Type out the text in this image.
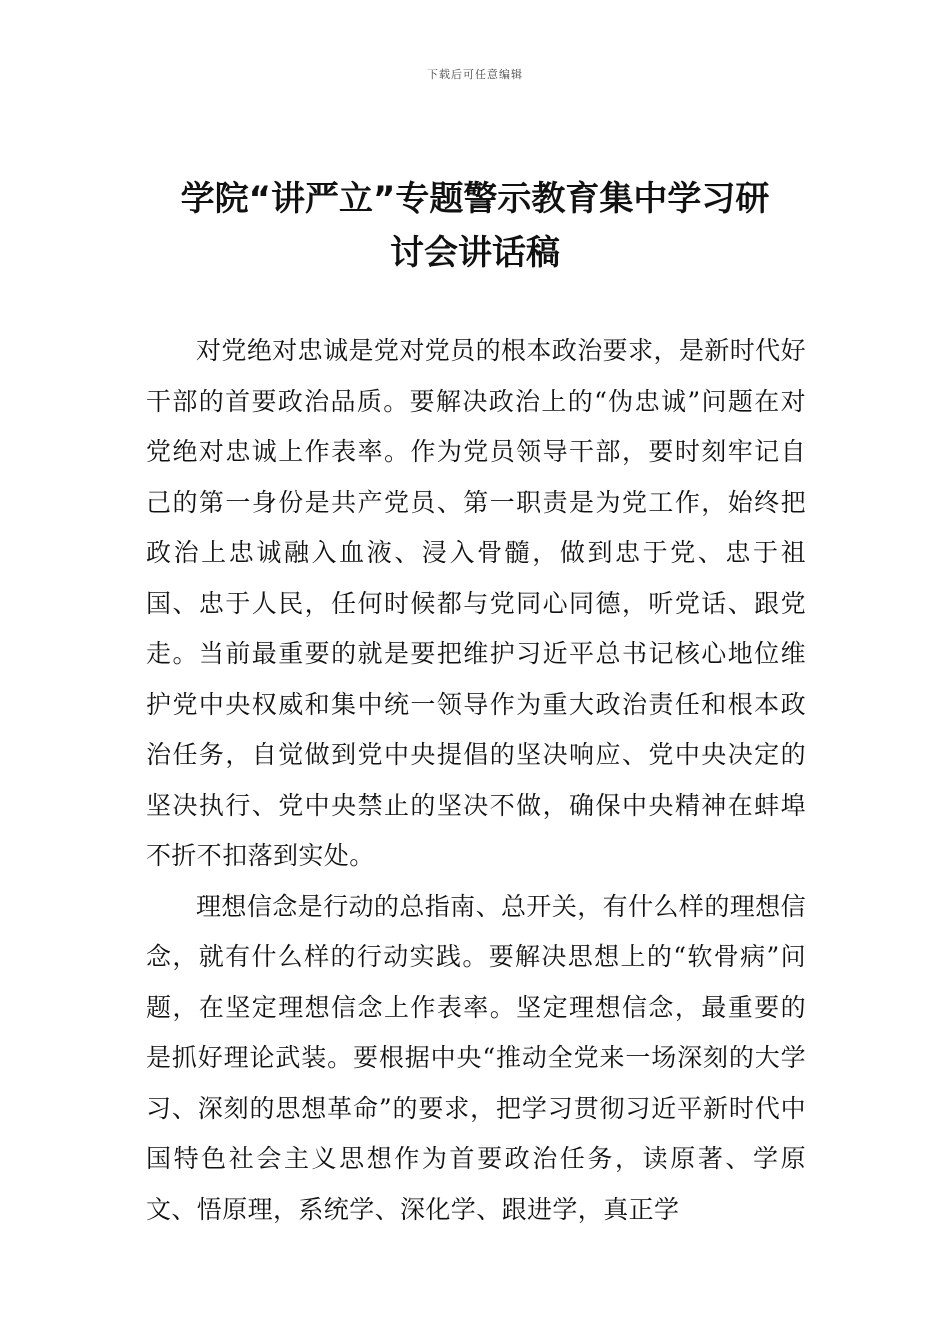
下载后可任意编辑
学院“讲严立”专题警示教育集中学习研
讨会讲话稿

对党绝对忠诚是党对党员的根本政治要求，是新时代好干部的首要政治品质。要解决政治上的“伪忠诚”问题在对党绝对忠诚上作表率。作为党员领导干部，要时刻牢记自己的第一身份是共产党员、第一职责是为党工作，始终把政治上忠诚融入血液、浸入骨髓，做到忠于党、忠于祖国、忠于人民，任何时候都与党同心同德，听党话、跟党走。当前最重要的就是要把维护习近平总书记核心地位维护党中央权威和集中统一领导作为重大政治责任和根本政治任务，自觉做到党中央提倡的坚决响应、党中央决定的坚决执行、党中央禁止的坚决不做，确保中央精神在蚌埠不折不扣落到实处。

理想信念是行动的总指南、总开关，有什么样的理想信念，就有什么样的行动实践。要解决思想上的“软骨病”问题，在坚定理想信念上作表率。坚定理想信念，最重要的是抓好理论武装。要根据中央“推动全党来一场深刻的大学习、深刻的思想革命”的要求，把学习贯彻习近平新时代中国特色社会主义思想作为首要政治任务，读原著、学原文、悟原理，系统学、深化学、跟进学，真正学
